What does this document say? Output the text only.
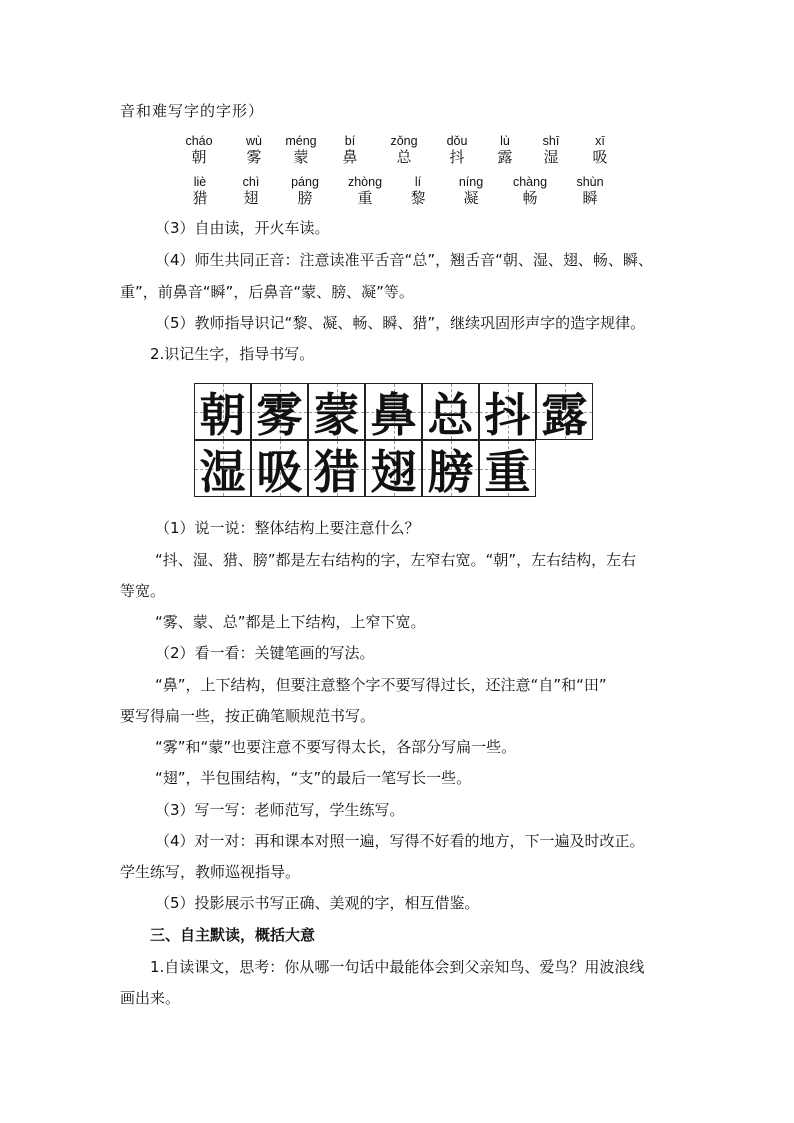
音和难写字的字形）
cháo
朝
wù
雾
méng
蒙
bí
鼻
zǒng
总
dǒu
抖
lù
露
shī
湿
xī
吸
liè
猎
chì
翅
páng
膀
zhòng
重
lí
黎
níng
凝
chàng
畅
shùn
瞬
（3）自由读，开火车读。
（4）师生共同正音：注意读准平舌音“总”，翘舌音“朝、湿、翅、畅、瞬、
重”，前鼻音“瞬”，后鼻音“蒙、膀、凝”等。
（5）教师指导识记“黎、凝、畅、瞬、猎”，继续巩固形声字的造字规律。
2.识记生字，指导书写。
朝 雾 蒙 鼻 总 抖 露
湿 吸 猎 翅 膀 重
（1）说一说：整体结构上要注意什么？
“抖、湿、猎、膀”都是左右结构的字，左窄右宽。“朝”，左右结构，左右
等宽。
“雾、蒙、总”都是上下结构，上窄下宽。
（2）看一看：关键笔画的写法。
“鼻”，上下结构，但要注意整个字不要写得过长，还注意“自”和“田”
要写得扁一些，按正确笔顺规范书写。
“雾”和“蒙”也要注意不要写得太长，各部分写扁一些。
“翅”，半包围结构，“支”的最后一笔写长一些。
（3）写一写：老师范写，学生练写。
（4）对一对：再和课本对照一遍，写得不好看的地方，下一遍及时改正。
学生练写，教师巡视指导。
（5）投影展示书写正确、美观的字，相互借鉴。
三、自主默读，概括大意
1.自读课文，思考：你从哪一句话中最能体会到父亲知鸟、爱鸟？用波浪线
画出来。
